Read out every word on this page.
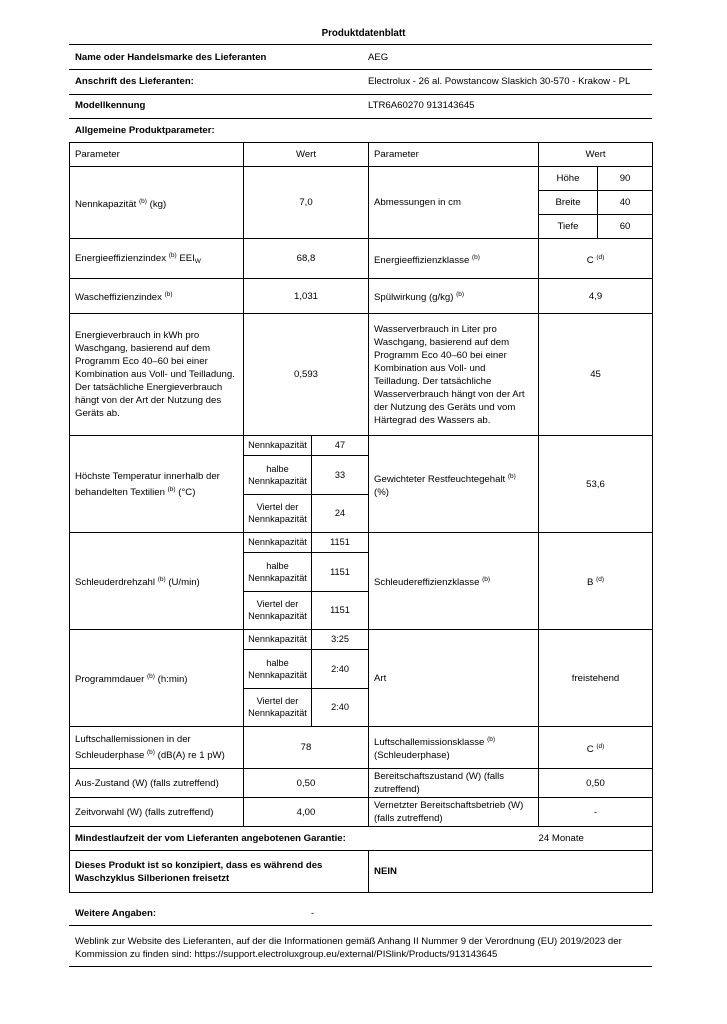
Produktdatenblatt
Name oder Handelsmarke des Lieferanten	AEG
Anschrift des Lieferanten:	Electrolux - 26 al. Powstancow Slaskich 30-570 - Krakow - PL
Modellkennung	LTR6A60270 913143645
Allgemeine Produktparameter:
Parameter	Wert	Parameter	Wert
Nennkapazität $^{(b)}$ (kg)	7,0	Abmessungen in cm	Höhe	90
Breite	40
Tiefe	60
Energieeffizienzindex $^{(b)}$ $EEI_W$	68,8	Energieeffizienzklasse $^{(b)}$	C $^{(d)}$
Wascheffizienzindex $^{(b)}$	1,031	Spülwirkung (g/kg) $^{(b)}$	4,9
Energieverbrauch in kWh pro Waschgang, basierend auf dem Programm Eco 40–60 bei einer Kombination aus Voll- und Teilladung. Der tatsächliche Energieverbrauch hängt von der Art der Nutzung des Geräts ab.	0,593	Wasserverbrauch in Liter pro Waschgang, basierend auf dem Programm Eco 40–60 bei einer Kombination aus Voll- und Teilladung. Der tatsächliche Wasserverbrauch hängt von der Art der Nutzung des Geräts und vom Härtegrad des Wassers ab.	45
Höchste Temperatur innerhalb der behandelten Textilien $^{(b)}$ (°C)	
Nennkapazität	47
halbe Nennkapazität	33
Viertel der Nennkapazität	24
	Gewichteter Restfeuchtegehalt $^{(b)}$ (%)	53,6
Schleuderdrehzahl $^{(b)}$ (U/min)	
Nennkapazität	1151
halbe Nennkapazität	1151
Viertel der Nennkapazität	1151
	Schleudereffizienzklasse $^{(b)}$	B $^{(d)}$
Programmdauer $^{(b)}$ (h:min)	
Nennkapazität	3:25
halbe Nennkapazität	2:40
Viertel der Nennkapazität	2:40
	Art	freistehend
Luftschallemissionen in der Schleuderphase $^{(b)}$ (dB(A) re 1 pW)	78	Luftschallemissionsklasse $^{(b)}$
(Schleuderphase)	C $^{(d)}$
Aus-Zustand (W) (falls zutreffend)	0,50	Bereitschaftszustand (W) (falls zutreffend)	0,50
Zeitvorwahl (W) (falls zutreffend)	4,00	Vernetzter Bereitschaftsbetrieb (W) (falls zutreffend)	-
Mindestlaufzeit der vom Lieferanten angebotenen Garantie:	24 Monate
Dieses Produkt ist so konzipiert, dass es während des Waschzyklus Silberionen freisetzt	NEIN
Weitere Angaben:	-
Weblink zur Website des Lieferanten, auf der die Informationen gemäß Anhang II Nummer 9 der Verordnung (EU) 2019/2023 der Kommission zu finden sind: https://support.electroluxgroup.eu/external/PISlink/Products/913143645
